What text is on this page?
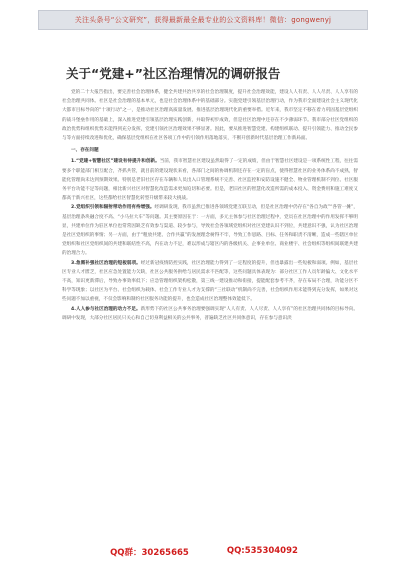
关注头条号“公文研究”，获得最新最全最专业的公文资料库！微信：gongwenyj
关于“党建+”社区治理情况的调研报告

党的二十大报告指出，要完善社会治理体系，健全共建共治共享的社会治理制度，提升社会治理效能，建设人人有责、人人尽责、人人享有的社会治理共同体。社区是社会治理的基本单元，也是社会治理体系中的基础部分。实施党建引领基层治理行动，作为我市全面建设社会主义现代化大都市目标导向的“十项行动”之一，是推动社区治理高质量发展、推进基层治理现代化的重要举措。近年来，我市坚定不移在着力巩固基层党组织的战斗堡垒作用的基础上，深入推进党建引领基层治理实践创新，并取得初步成效，但是社区治理中还存在不少薄弱环节。我市部分社区党组织的政治优势和组织优势未能得到充分发挥，党建引领社区治理效果不够显著。因此，要从推进智慧党建、构建组织联动、提升引领能力、推动全民参与等方面持续改进和优化，确保基层党组织在社区各项工作中的引领作用落地落实，不断开创新时代基层治理工作新局面。

一、存在问题

1.“党建+智慧社区”建设有待提升和创新。当前，我市智慧社区建设虽然取得了一定的成绩，但由于智慧社区建设是一项系统性工程，往往需要多个职能部门相互配合，齐抓共管，就目前的建设现状来看，各部门之间的协调机制还存在一定的盲点，使得智慧社区的业务体系尚不成熟，智能化管理尚未达到预期效果。特别是老旧社区存在车辆和人员出入口管理系统不完善、社区监控和安防设施不健全、物业管理机制不到位、社区服务平台功能不足等问题，相比新兴社区对智慧化改造需求更加迫切和必要。但是，老旧社区的智慧化改造所需的成本投入、资金费用和施工难度又都高于新兴社区，这些都给社区智慧化转型升级带来较大挑战。

2.党组织引领和辐射带动作用有待增强。经调研发现，我市虽然已推进各领域党建互联互动，但是社区治理中仍存在“各自为政”“各管一摊”，基层治理条块融合度不高、“小马拉大车”等问题。其主要原因在于：一方面，多元主体参与社区治理过程中，党员在社区治理中的作用发挥不够明显，共建单位作为驻区单位也常常因缺乏有效参与渠道、较少参与，导致社会各领域党组织对社区党建认识不到位，共建意识不强，认为社区治理是社区党组织的事情；另一方面，由于“粗放共建、合作共赢”的发展理念树得不牢，导致工作思路、目标、任务和职责不清晰，造成一些辖区单位党组织和社区党组织间的共建和联结性不高，内在动力不足，难以形成与辖区内的各级机关、企事业单位、商业楼宇、社会组织等组织间联建共建的治理合力。

3.急需补强社区治理的短板弱项。经过新冠疫情防控实践，社区治理能力得到了一定程度的提升，但也暴露出一些短板和弱项。例如，基层社区专业人才匮乏，社区应急处置能力欠缺，社区公共服务供给与居民需求不匹配等，这些问题具体表现为：部分社区工作人员年龄偏大、文化水平不高，知识更新滞后，导致办事效率低下；应急管理组织架构松散，第三线一建设推动和衔接，提能配套参考不齐，存在布局不合理，功能分区不科学等现象；以社区为平台、社会组织为载体、社会工作专业人才为支撑的“三社联动”机制尚不完善，社会组织作用未能得到充分发挥，如果对这些问题不加以重视，不仅会影响和制约社区服务功能的提升，也会造成社区治理整体效能低下。

4.人人参与社区治理的动力不足。新形势下的社区公共事务治理要强调实现“人人有责、人人尽责、人人享有”的社区治理共同体的目标导向。调研中发现，大部分社区居民只关心和自己切身利益相关的公共事务，普遍缺乏社区共同体意识，存在参与意识淡

QQ群：30265665	QQ:535304092
